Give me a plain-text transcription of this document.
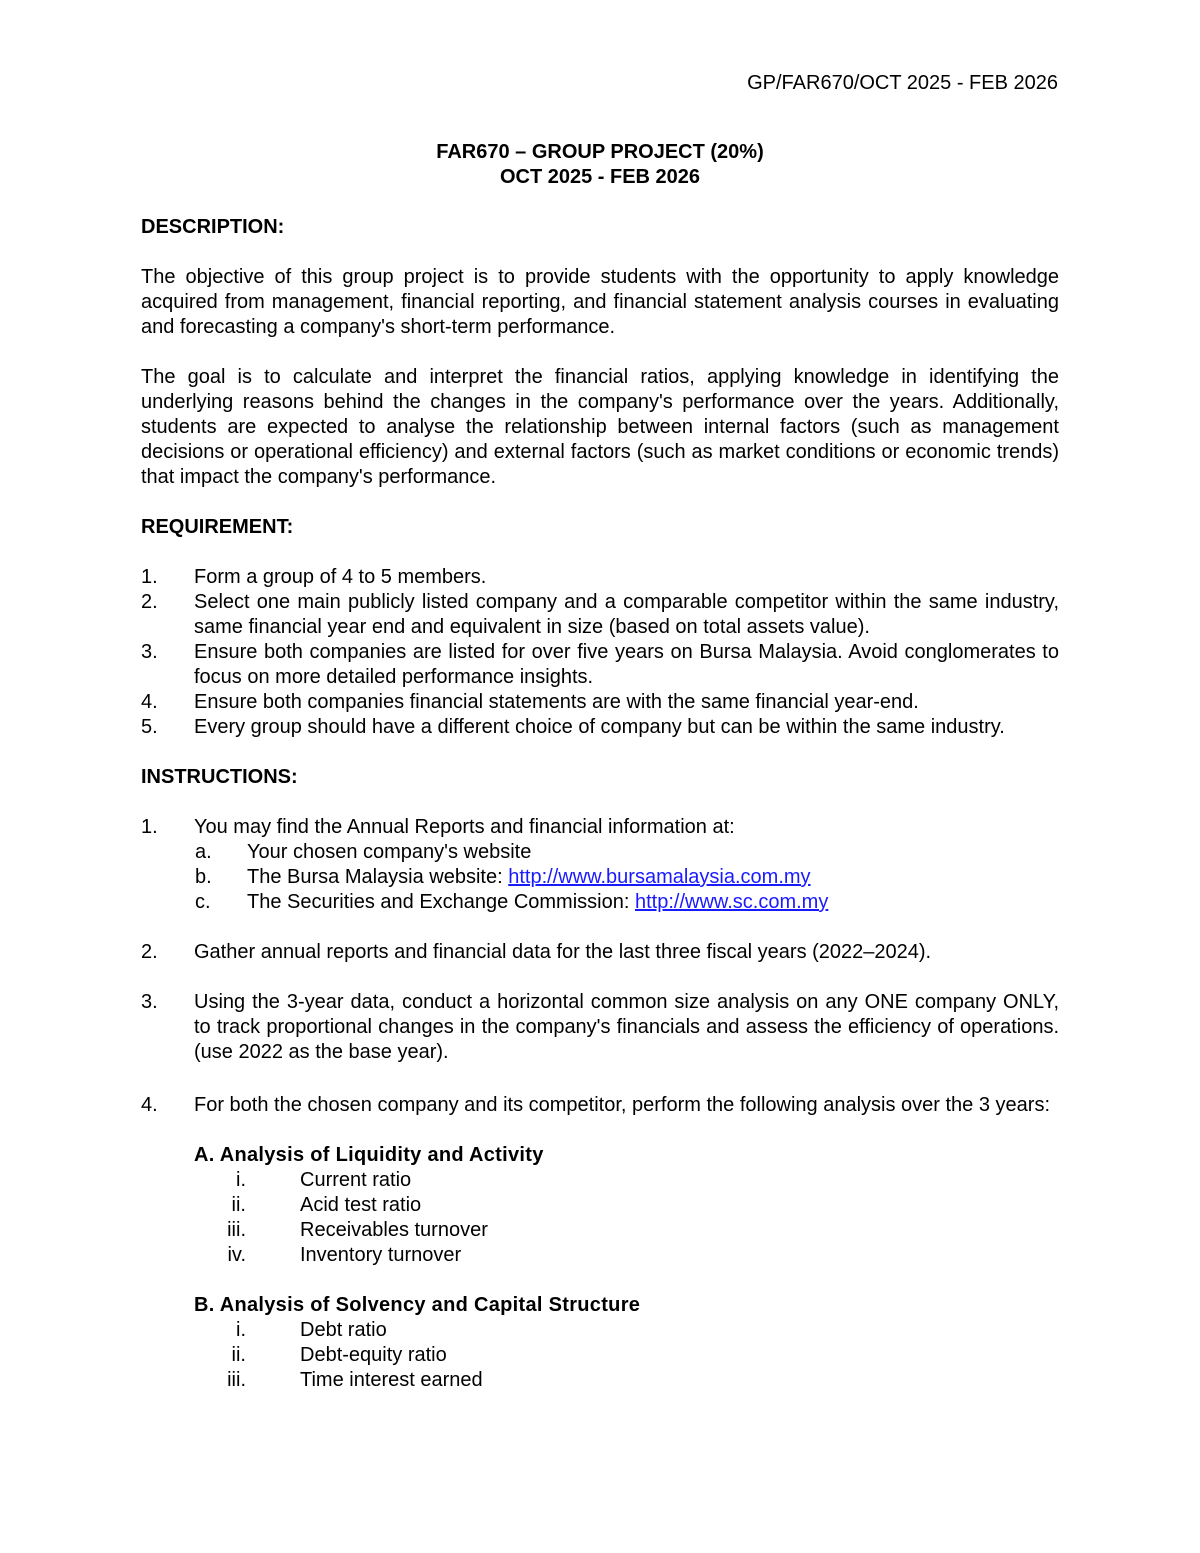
GP/FAR670/OCT 2025 - FEB 2026
FAR670 – GROUP PROJECT (20%)
OCT 2025 - FEB 2026
DESCRIPTION:

The objective of this group project is to provide students with the opportunity to apply knowledge acquired from management, financial reporting, and financial statement analysis courses in evaluating and forecasting a company's short-term performance.

The goal is to calculate and interpret the financial ratios, applying knowledge in identifying the underlying reasons behind the changes in the company's performance over the years. Additionally, students are expected to analyse the relationship between internal factors (such as management decisions or operational efficiency) and external factors (such as market conditions or economic trends) that impact the company's performance.

REQUIREMENT:
1. Form a group of 4 to 5 members.
2. Select one main publicly listed company and a comparable competitor within the same industry, same financial year end and equivalent in size (based on total assets value).
3. Ensure both companies are listed for over five years on Bursa Malaysia. Avoid conglomerates to focus on more detailed performance insights.
4. Ensure both companies financial statements are with the same financial year-end.
5. Every group should have a different choice of company but can be within the same industry.
INSTRUCTIONS:
1. You may find the Annual Reports and financial information at:
a. Your chosen company's website
b. The Bursa Malaysia website: http://www.bursamalaysia.com.my
c. The Securities and Exchange Commission: http://www.sc.com.my
2. Gather annual reports and financial data for the last three fiscal years (2022–2024).
3. Using the 3-year data, conduct a horizontal common size analysis on any ONE company ONLY, to track proportional changes in the company's financials and assess the efficiency of operations. (use 2022 as the base year).
4. For both the chosen company and its competitor, perform the following analysis over the 3 years:
A. Analysis of Liquidity and Activity
i.	Current ratio
ii.	Acid test ratio
iii.	Receivables turnover
iv.	Inventory turnover
B. Analysis of Solvency and Capital Structure
i.	Debt ratio
ii.	Debt-equity ratio
iii.	Time interest earned
